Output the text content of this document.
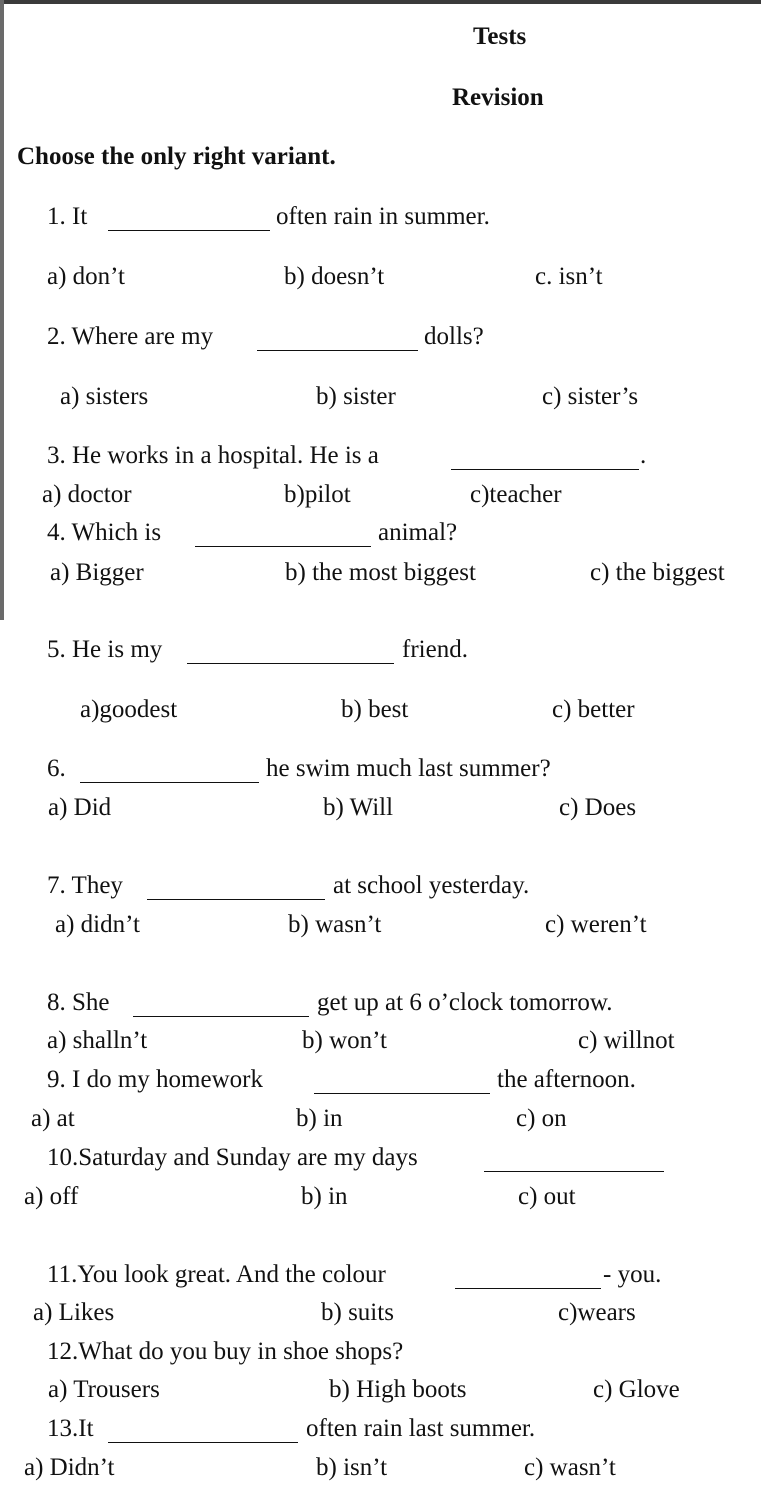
Tests
Revision
Choose the only right variant.
1. It	often rain in summer.
a) don’t	b) doesn’t	c. isn’t
2. Where are my	dolls?
a) sisters	b) sister	c) sister’s
3. He works in a hospital. He is a	.
a) doctor	b)pilot	c)teacher
4. Which is	animal?
a) Bigger	b) the most biggest	c) the biggest
5. He is my	friend.
a)goodest	b) best	c) better
6.	he swim much last summer?
a) Did	b) Will	c) Does
7. They	at school yesterday.
a) didn’t	b) wasn’t	c) weren’t
8. She	get up at 6 o’clock tomorrow.
a) shalln’t	b) won’t	c) willnot
9. I do my homework	the afternoon.
a) at	b) in	c) on
10.Saturday and Sunday are my days
a) off	b) in	c) out
11.You look great. And the colour	- you.
a) Likes	b) suits	c)wears
12.What do you buy in shoe shops?
a) Trousers	b) High boots	c) Glove
13.It	often rain last summer.
a) Didn’t	b) isn’t	c) wasn’t
